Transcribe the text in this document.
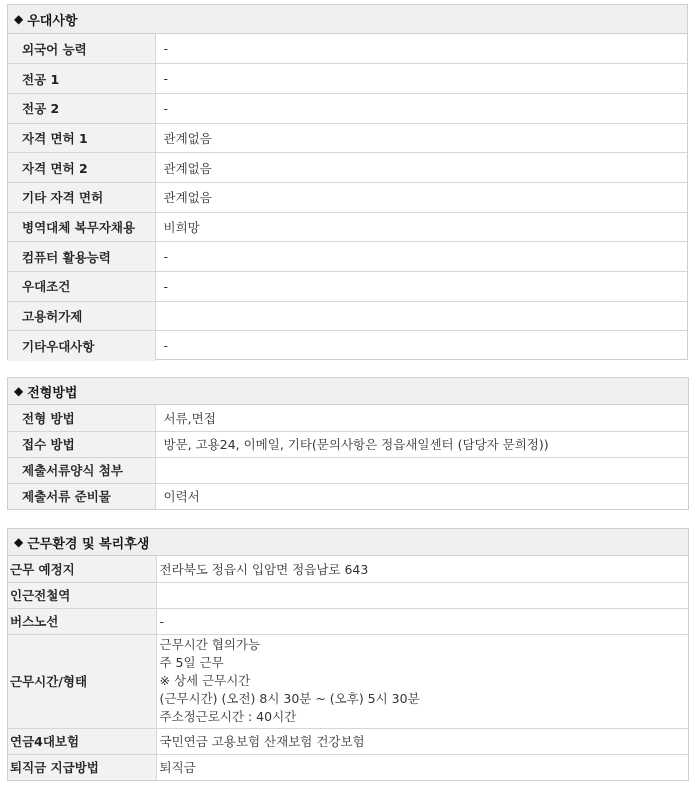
◆ 우대사항
외국어 능력	-
전공 1	-
전공 2	-
자격 면허 1	관계없음
자격 면허 2	관계없음
기타 자격 면허	관계없음
병역대체 복무자채용	비희망
컴퓨터 활용능력	-
우대조건	-
고용허가제	
기타우대사항	-
◆ 전형방법
전형 방법	서류,면접
접수 방법	방문, 고용24, 이메일, 기타(문의사항은 정읍새일센터 (담당자 문희정))
제출서류양식 첨부	
제출서류 준비물	이력서
◆ 근무환경 및 복리후생
근무 예정지	전라북도 정읍시 입암면 정읍남로 643
인근전철역	
버스노선	-
근무시간/형태	근무시간 협의가능
주 5일 근무
※ 상세 근무시간
(근무시간) (오전) 8시 30분 ~ (오후) 5시 30분
주소정근로시간 : 40시간

연금4대보험	국민연금 고용보험 산재보험 건강보험
퇴직금 지급방법	퇴직금
